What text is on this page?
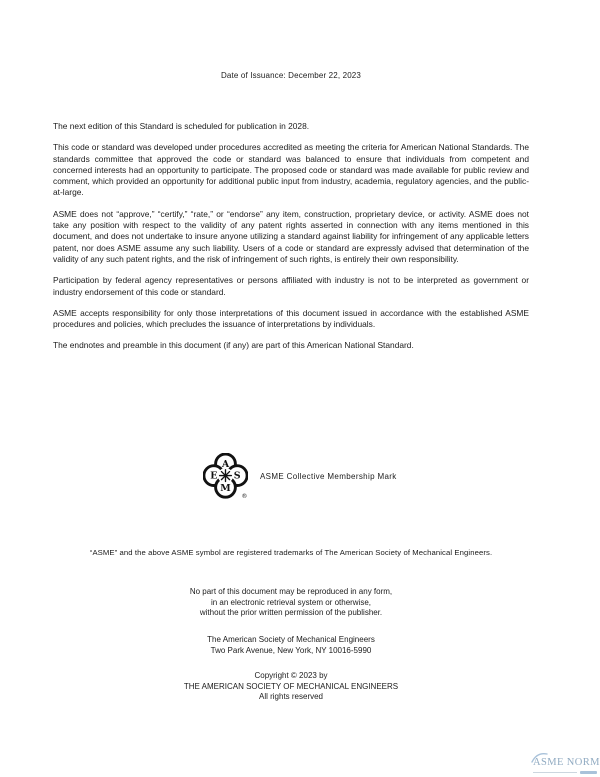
Date of Issuance: December 22, 2023

The next edition of this Standard is scheduled for publication in 2028.

This code or standard was developed under procedures accredited as meeting the criteria for American National Standards. The standards committee that approved the code or standard was balanced to ensure that individuals from competent and concerned interests had an opportunity to participate. The proposed code or standard was made available for public review and comment, which provided an opportunity for additional public input from industry, academia, regulatory agencies, and the public-at-large.

ASME does not “approve,” “certify,” “rate,” or “endorse” any item, construction, proprietary device, or activity. ASME does not take any position with respect to the validity of any patent rights asserted in connection with any items mentioned in this document, and does not undertake to insure anyone utilizing a standard against liability for infringement of any applicable letters patent, nor does ASME assume any such liability. Users of a code or standard are expressly advised that determination of the validity of any such patent rights, and the risk of infringement of such rights, is entirely their own responsibility.

Participation by federal agency representatives or persons affiliated with industry is not to be interpreted as government or industry endorsement of this code or standard.

ASME accepts responsibility for only those interpretations of this document issued in accordance with the established ASME procedures and policies, which precludes the issuance of interpretations by individuals.

The endnotes and preamble in this document (if any) are part of this American National Standard.

A
E S
M
®
ASME Collective Membership Mark
“ASME” and the above ASME symbol are registered trademarks of The American Society of Mechanical Engineers.
No part of this document may be reproduced in any form,
in an electronic retrieval system or otherwise,
without the prior written permission of the publisher.
The American Society of Mechanical Engineers
Two Park Avenue, New York, NY 10016-5990
Copyright © 2023 by
THE AMERICAN SOCIETY OF MECHANICAL ENGINEERS
All rights reserved
ASME NORM
